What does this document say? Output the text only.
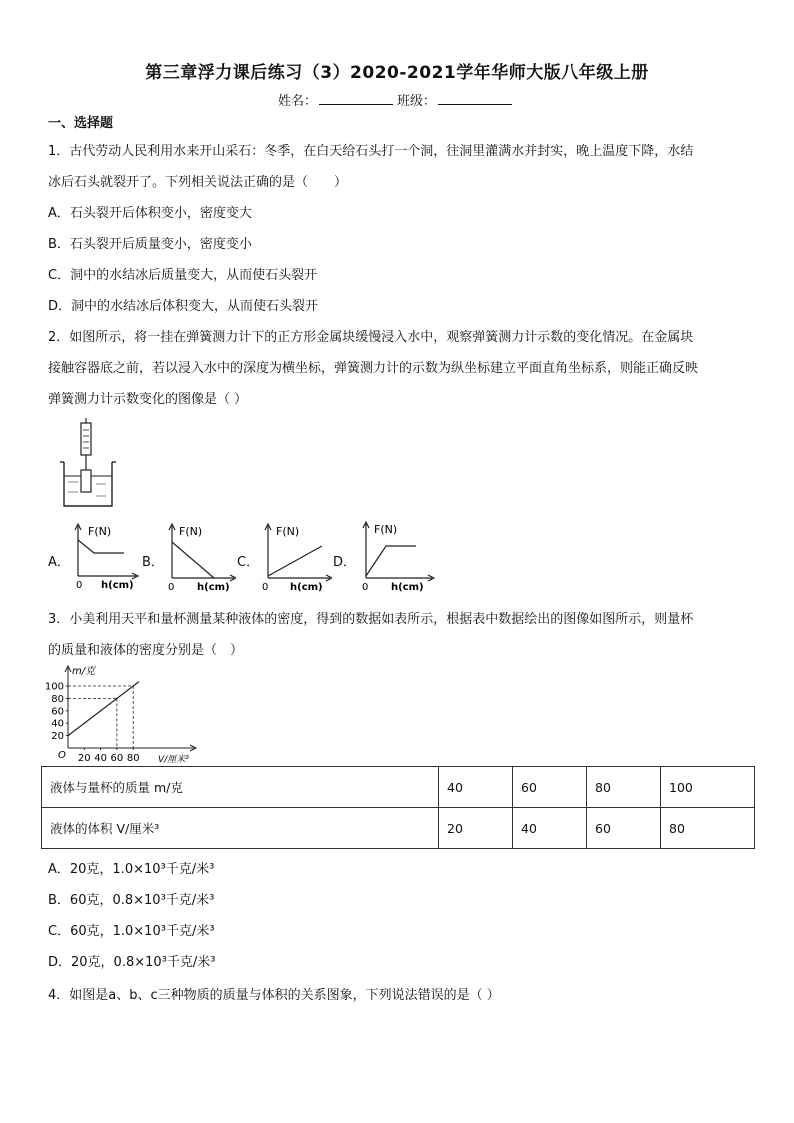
第三章浮力课后练习（3）2020-2021学年华师大版八年级上册
姓名：	班级：
一、选择题
1．古代劳动人民利用水来开山采石：冬季，在白天给石头打一个洞，往洞里灌满水并封实，晚上温度下降，水结
冰后石头就裂开了。下列相关说法正确的是（　　）
A．石头裂开后体积变小，密度变大
B．石头裂开后质量变小，密度变小
C．洞中的水结冰后质量变大，从而使石头裂开
D．洞中的水结冰后体积变大，从而使石头裂开
2．如图所示，将一挂在弹簧测力计下的正方形金属块缓慢浸入水中，观察弹簧测力计示数的变化情况。在金属块
接触容器底之前，若以浸入水中的深度为横坐标，弹簧测力计的示数为纵坐标建立平面直角坐标系，则能正确反映
弹簧测力计示数变化的图像是（ ）
A．
F(N)
0 h(cm)
B．
F(N)
0 h(cm)
C．
F(N)
0 h(cm)
D．
F(N)
0 h(cm)
3．小美利用天平和量杯测量某种液体的密度，得到的数据如表所示，根据表中数据绘出的图像如图所示，则量杯
的质量和液体的密度分别是（　）
m/克
V/厘米³
O
100
80
60
40
20
20 40 60 80
液体与量杯的质量 m/克	40	60	80	100
液体的体积 V/厘米³	20	40	60	80
A．20克，1.0×10³千克/米³
B．60克，0.8×10³千克/米³
C．60克，1.0×10³千克/米³
D．20克，0.8×10³千克/米³
4．如图是a、b、c三种物质的质量与体积的关系图象，下列说法错误的是（ ）
